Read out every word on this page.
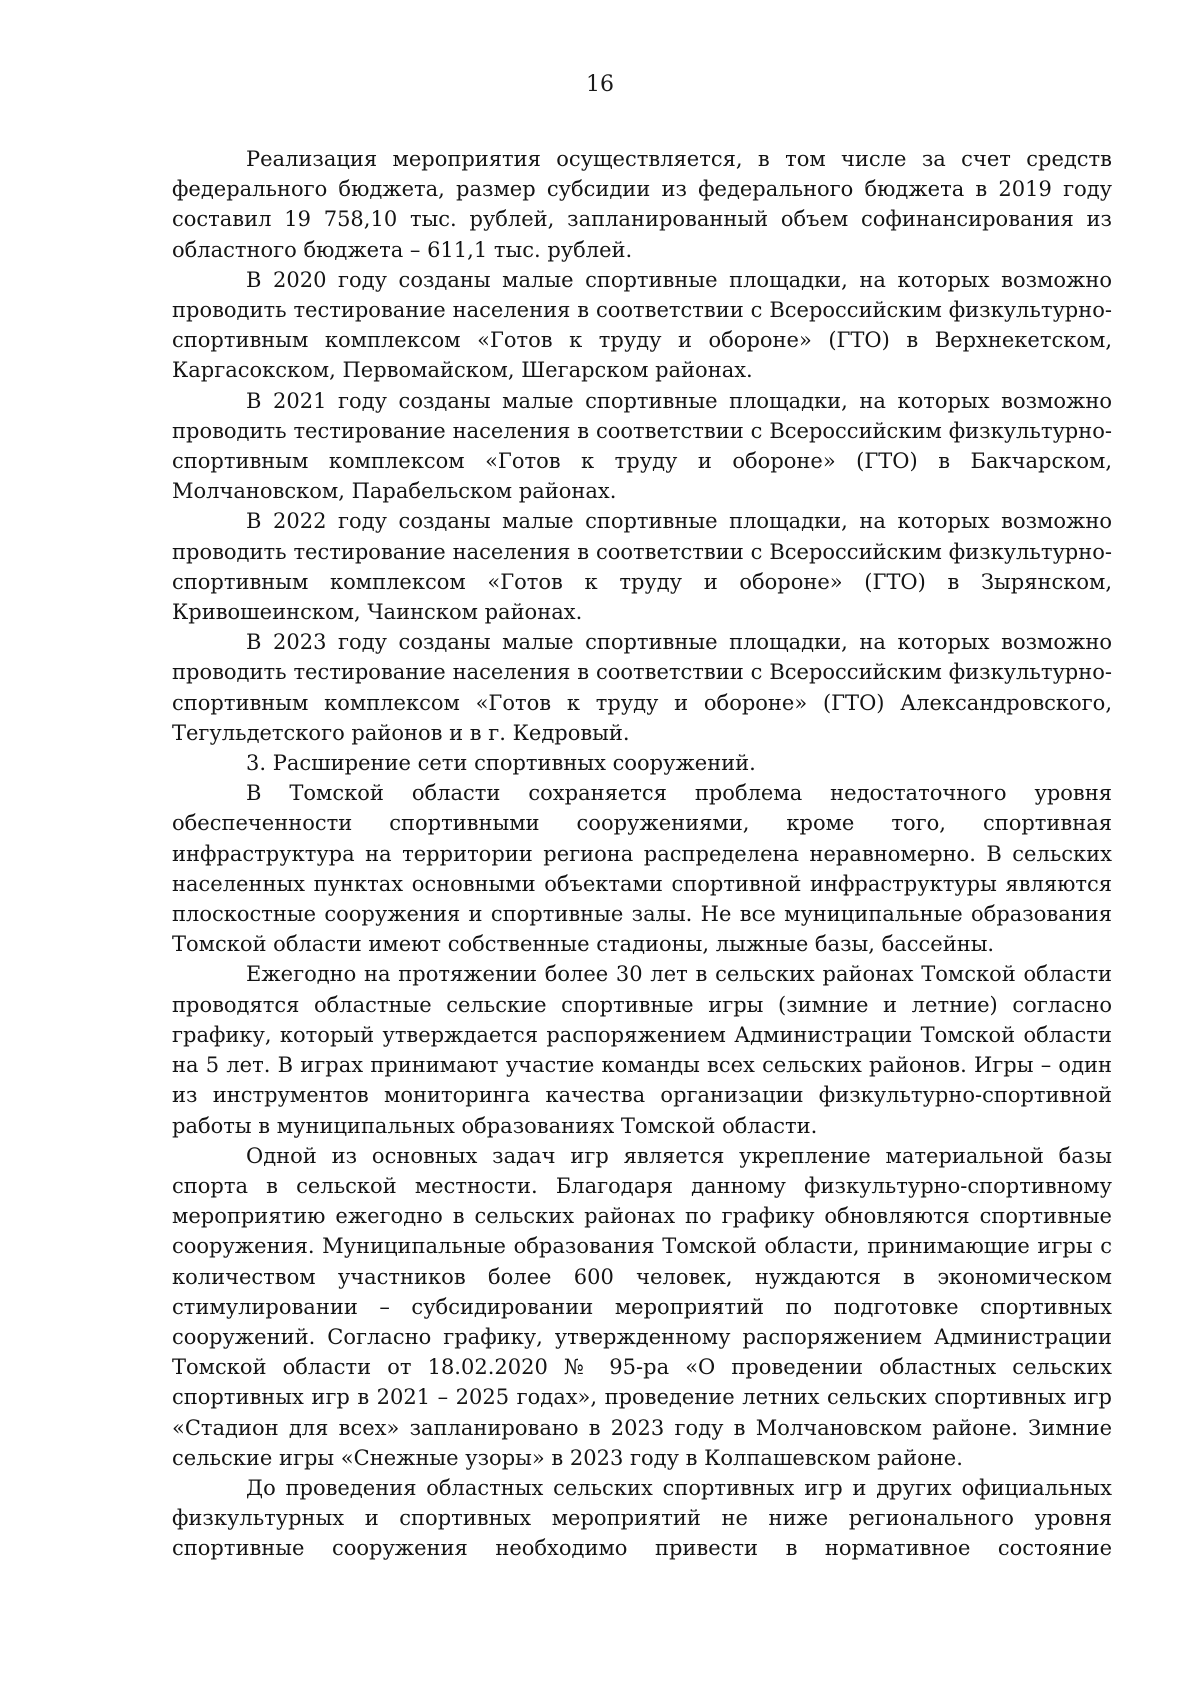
16

Реализация мероприятия осуществляется, в том числе за счет средств федерального бюджета, размер субсидии из федерального бюджета в 2019 году составил 19 758,10 тыс. рублей, запланированный объем софинансирования из областного бюджета – 611,1 тыс. рублей.

В 2020 году созданы малые спортивные площадки, на которых возможно проводить тестирование населения в соответствии с Всероссийским физкультурно-спортивным комплексом «Готов к труду и обороне» (ГТО) в Верхнекетском, Каргасокском, Первомайском, Шегарском районах.

В 2021 году созданы малые спортивные площадки, на которых возможно проводить тестирование населения в соответствии с Всероссийским физкультурно-спортивным комплексом «Готов к труду и обороне» (ГТО) в Бакчарском, Молчановском, Парабельском районах.

В 2022 году созданы малые спортивные площадки, на которых возможно проводить тестирование населения в соответствии с Всероссийским физкультурно-спортивным комплексом «Готов к труду и обороне» (ГТО) в Зырянском, Кривошеинском, Чаинском районах.

В 2023 году созданы малые спортивные площадки, на которых возможно проводить тестирование населения в соответствии с Всероссийским физкультурно-спортивным комплексом «Готов к труду и обороне» (ГТО) Александровского, Тегульдетского районов и в г. Кедровый.

3. Расширение сети спортивных сооружений.

В Томской области сохраняется проблема недостаточного уровня обеспеченности спортивными сооружениями, кроме того, спортивная инфраструктура на территории региона распределена неравномерно. В сельских населенных пунктах основными объектами спортивной инфраструктуры являются плоскостные сооружения и спортивные залы. Не все муниципальные образования Томской области имеют собственные стадионы, лыжные базы, бассейны.

Ежегодно на протяжении более 30 лет в сельских районах Томской области проводятся областные сельские спортивные игры (зимние и летние) согласно графику, который утверждается распоряжением Администрации Томской области на 5 лет. В играх принимают участие команды всех сельских районов. Игры – один из инструментов мониторинга качества организации физкультурно-спортивной работы в муниципальных образованиях Томской области.

Одной из основных задач игр является укрепление материальной базы спорта в сельской местности. Благодаря данному физкультурно-спортивному мероприятию ежегодно в сельских районах по графику обновляются спортивные сооружения. Муниципальные образования Томской области, принимающие игры с количеством участников более 600 человек, нуждаются в экономическом стимулировании – субсидировании мероприятий по подготовке спортивных сооружений. Согласно графику, утвержденному распоряжением Администрации Томской области от 18.02.2020 № 95-ра «О проведении областных сельских спортивных игр в 2021 – 2025 годах», проведение летних сельских спортивных игр «Стадион для всех» запланировано в 2023 году в Молчановском районе. Зимние сельские игры «Снежные узоры» в 2023 году в Колпашевском районе.

До проведения областных сельских спортивных игр и других официальных физкультурных и спортивных мероприятий не ниже регионального уровня спортивные сооружения необходимо привести в нормативное состояние
